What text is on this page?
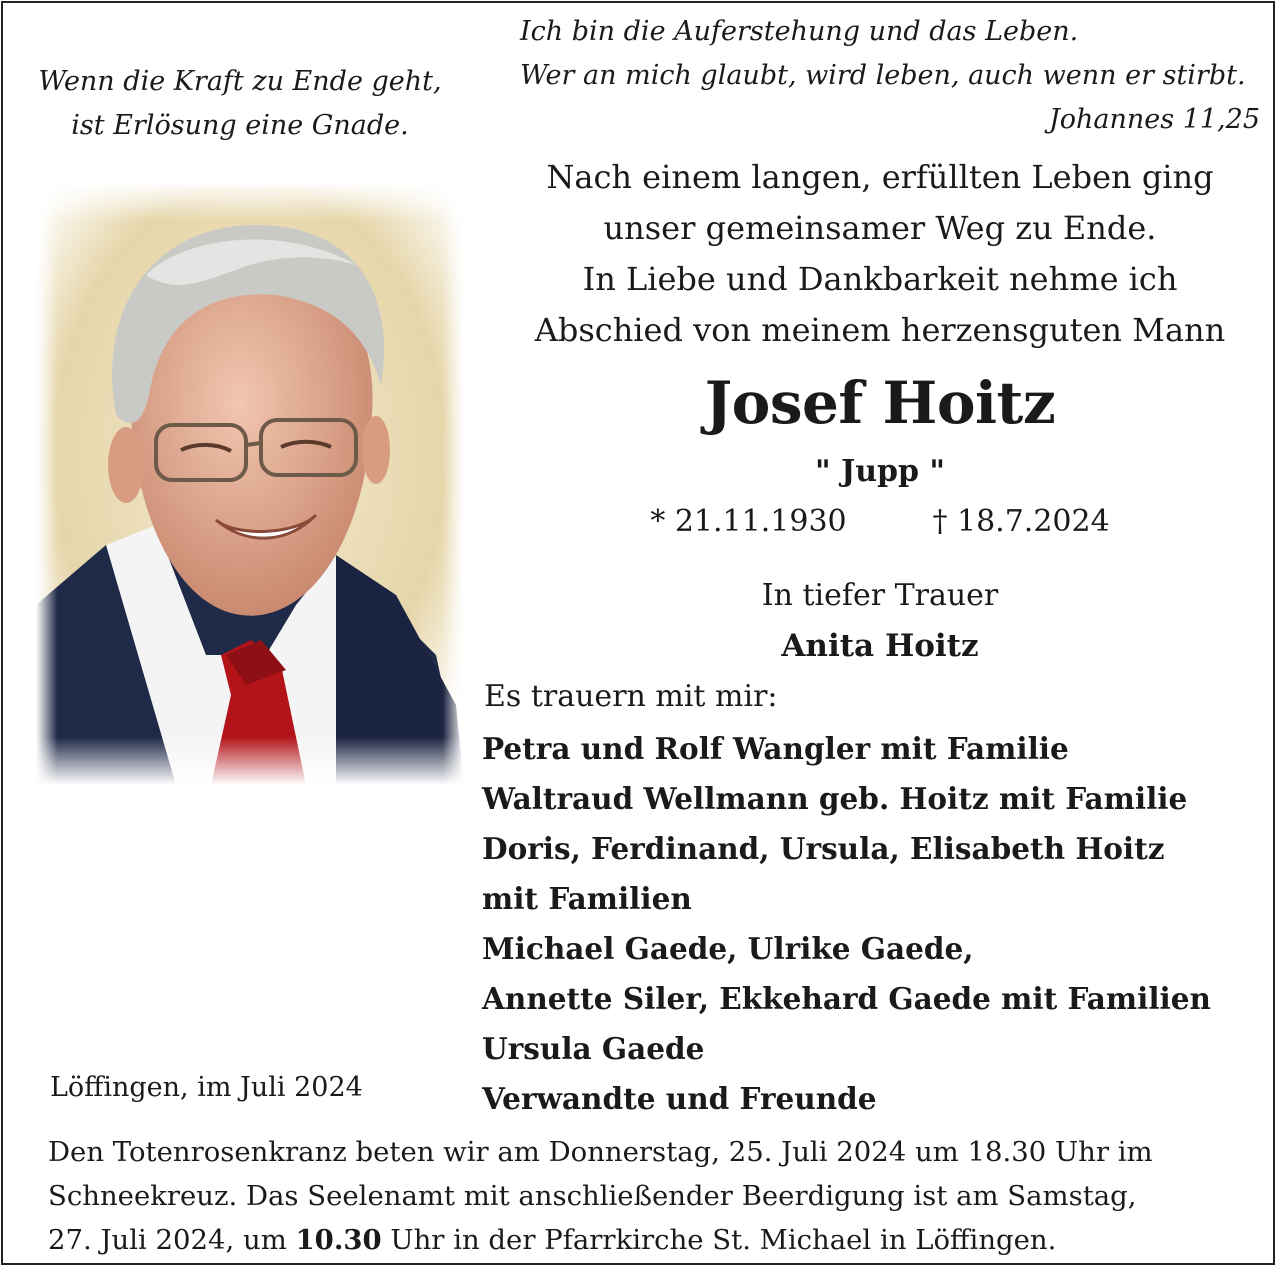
Wenn die Kraft zu Ende geht,
ist Erlösung eine Gnade.
Ich bin die Auferstehung und das Leben.
Wer an mich glaubt, wird leben, auch wenn er stirbt.
Johannes 11,25
Nach einem langen, erfüllten Leben ging
unser gemeinsamer Weg zu Ende.
In Liebe und Dankbarkeit nehme ich
Abschied von meinem herzensguten Mann
Josef Hoitz
" Jupp "
* 21.11.1930	† 18.7.2024
In tiefer Trauer
Anita Hoitz
Es trauern mit mir:
Petra und Rolf Wangler mit Familie
Waltraud Wellmann geb. Hoitz mit Familie
Doris, Ferdinand, Ursula, Elisabeth Hoitz
mit Familien
Michael Gaede, Ulrike Gaede,
Annette Siler, Ekkehard Gaede mit Familien
Ursula Gaede
Verwandte und Freunde
Löffingen, im Juli 2024
Den Totenrosenkranz beten wir am Donnerstag, 25. Juli 2024 um 18.30 Uhr im
Schneekreuz. Das Seelenamt mit anschließender Beerdigung ist am Samstag,
27. Juli 2024, um 10.30 Uhr in der Pfarrkirche St. Michael in Löffingen.
